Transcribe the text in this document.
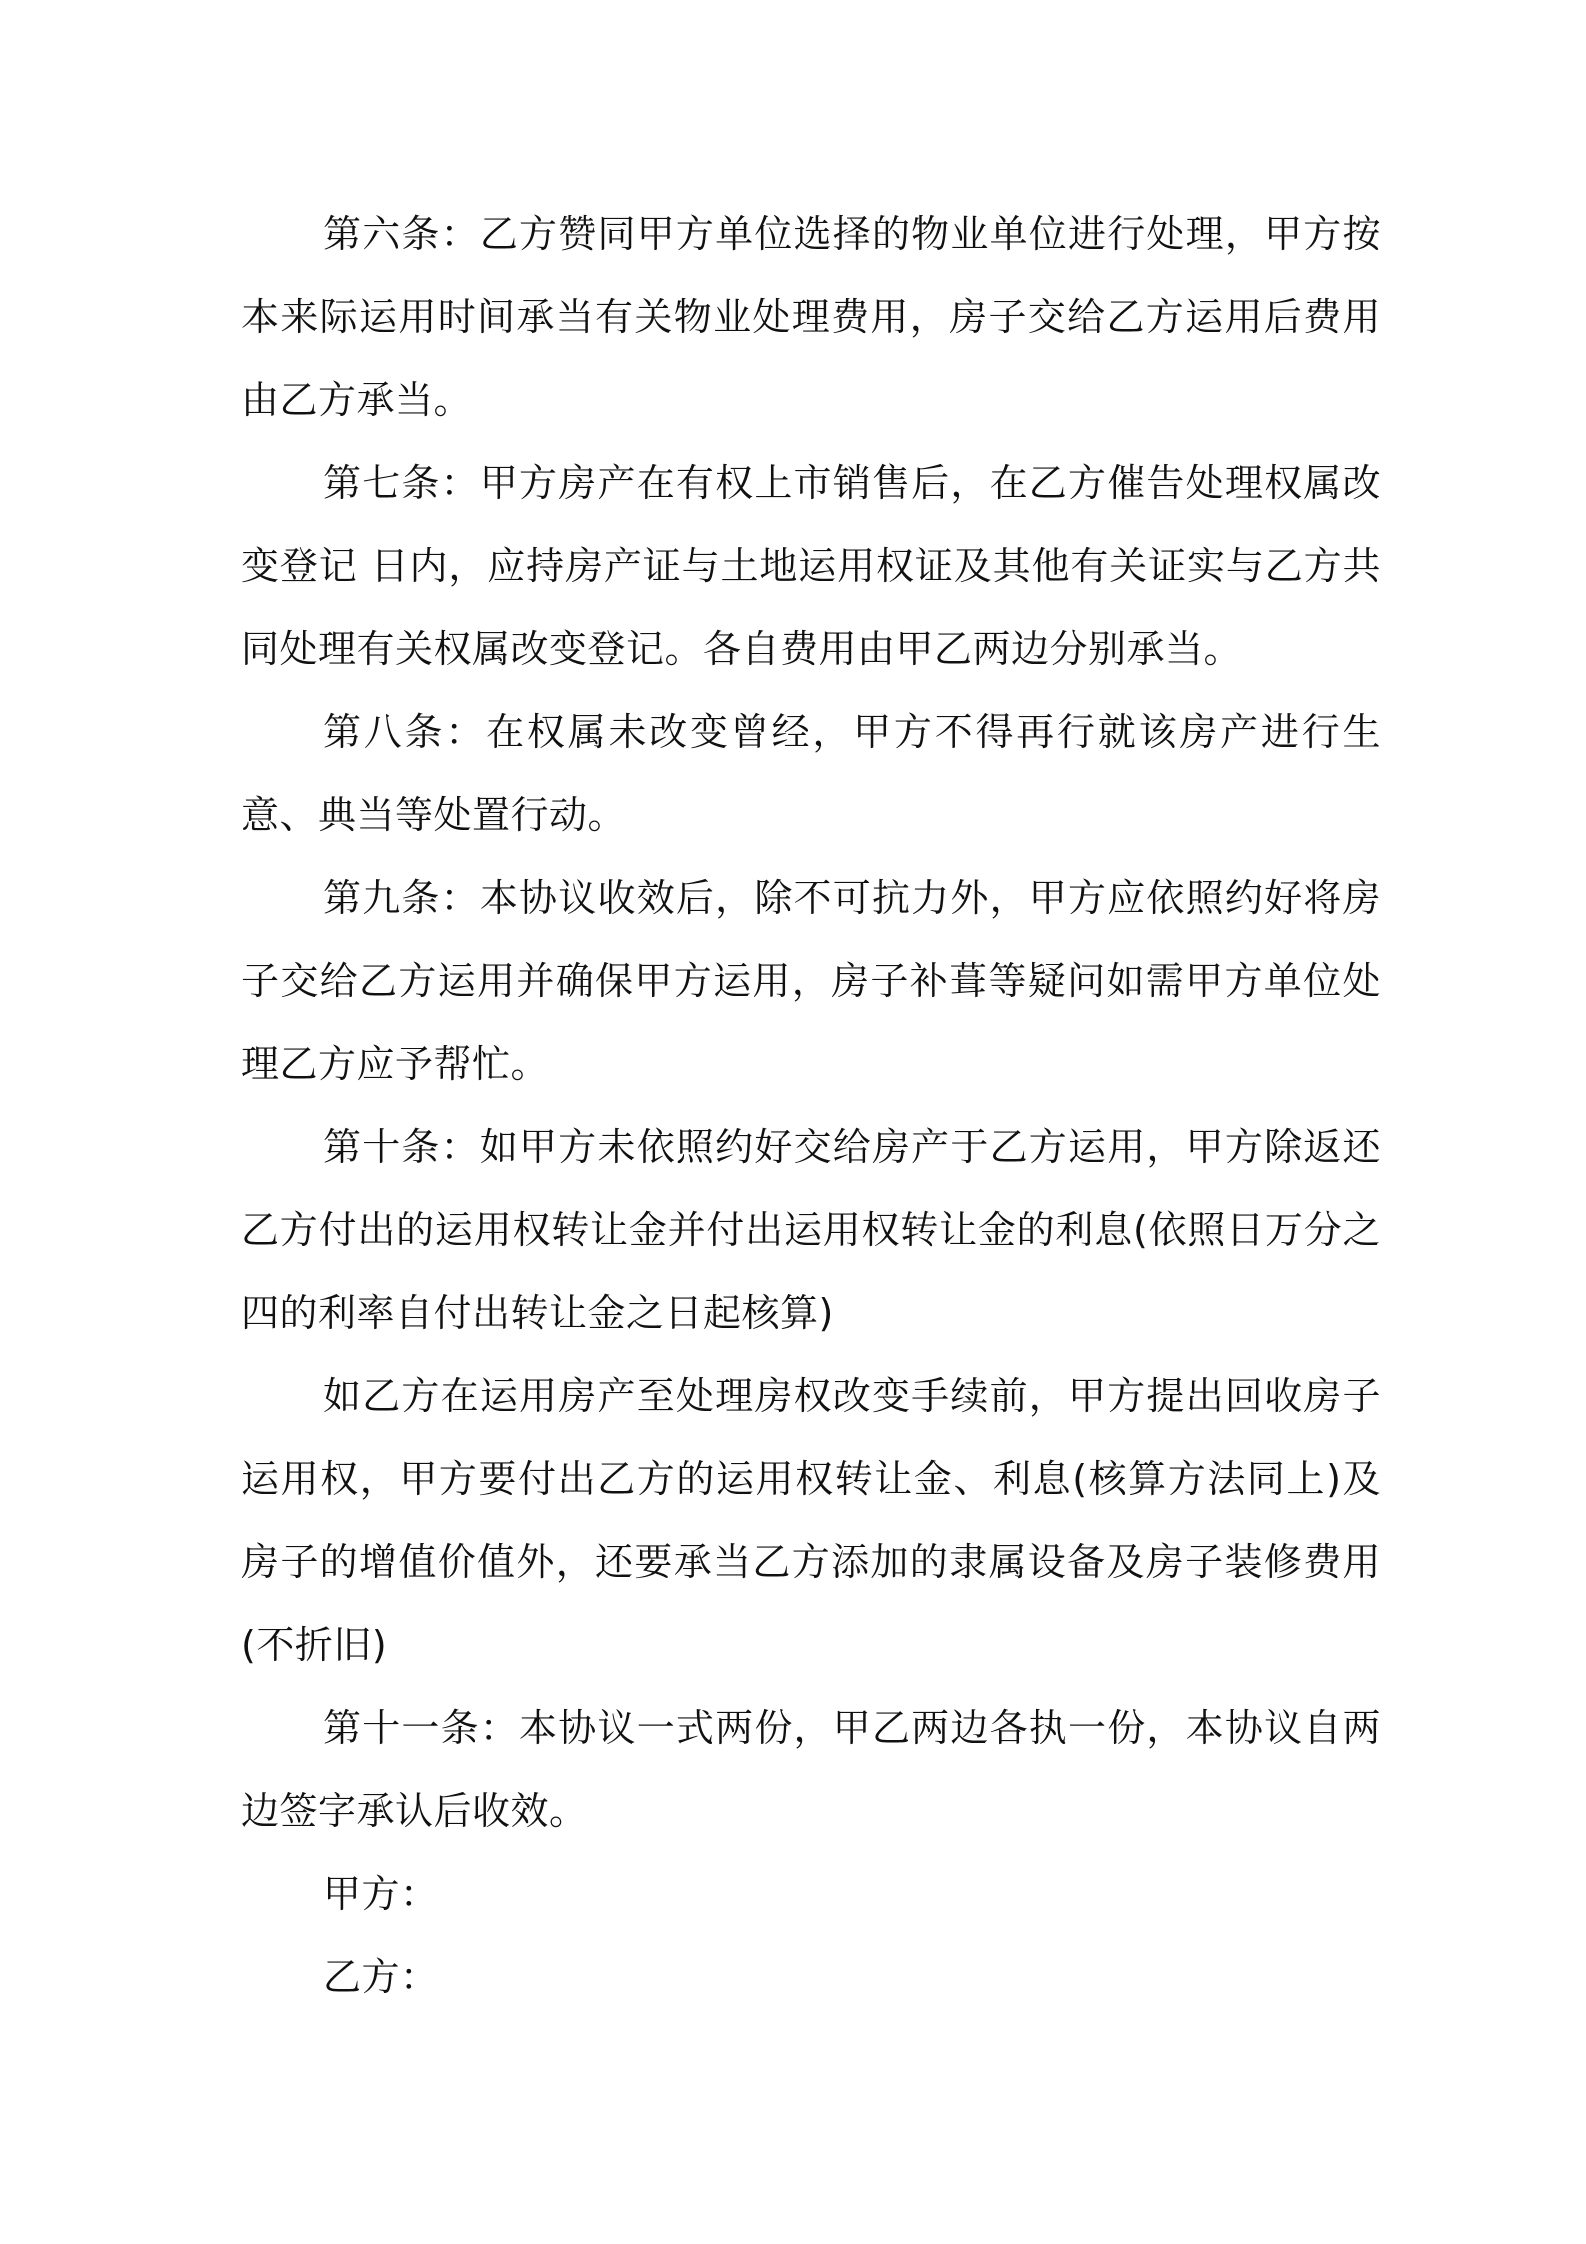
第六条：乙方赞同甲方单位选择的物业单位进行处理，甲方按本来际运用时间承当有关物业处理费用，房子交给乙方运用后费用由乙方承当。

第七条：甲方房产在有权上市销售后，在乙方催告处理权属改变登记 日内，应持房产证与土地运用权证及其他有关证实与乙方共同处理有关权属改变登记。各自费用由甲乙两边分别承当。

第八条：在权属未改变曾经，甲方不得再行就该房产进行生意、典当等处置行动。

第九条：本协议收效后，除不可抗力外，甲方应依照约好将房子交给乙方运用并确保甲方运用，房子补葺等疑问如需甲方单位处理乙方应予帮忙。

第十条：如甲方未依照约好交给房产于乙方运用，甲方除返还乙方付出的运用权转让金并付出运用权转让金的利息(依照日万分之四的利率自付出转让金之日起核算)

如乙方在运用房产至处理房权改变手续前，甲方提出回收房子运用权，甲方要付出乙方的运用权转让金、利息(核算方法同上)及房子的增值价值外，还要承当乙方添加的隶属设备及房子装修费用(不折旧)

第十一条：本协议一式两份，甲乙两边各执一份，本协议自两边签字承认后收效。

甲方：

乙方：
